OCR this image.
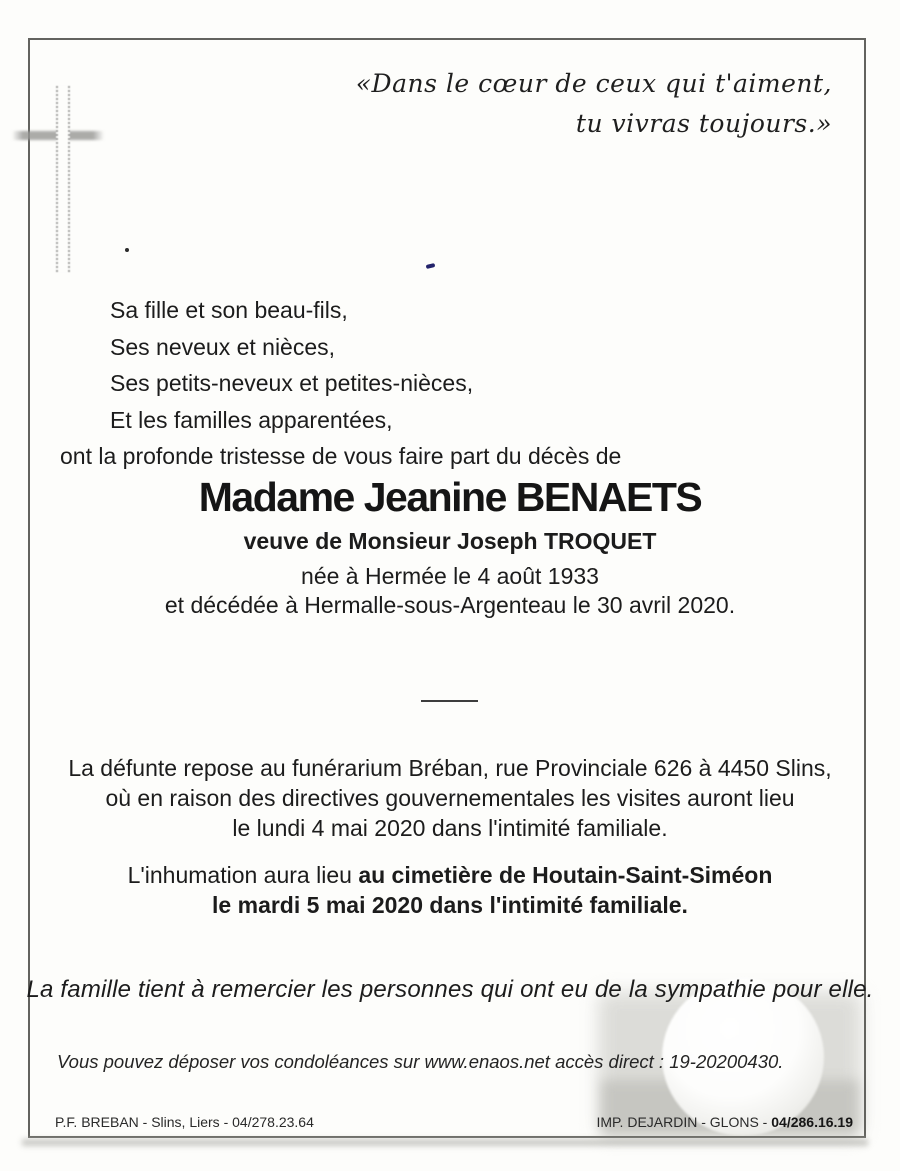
«Dans le cœur de ceux qui t'aiment,
tu vivras toujours.»
Sa fille et son beau-fils,
Ses neveux et nièces,
Ses petits-neveux et petites-nièces,
Et les familles apparentées,
ont la profonde tristesse de vous faire part du décès de
Madame Jeanine BENAETS
veuve de Monsieur Joseph TROQUET
née à Hermée le 4 août 1933
et décédée à Hermalle-sous-Argenteau le 30 avril 2020.
La défunte repose au funérarium Bréban, rue Provinciale 626 à 4450 Slins,
où en raison des directives gouvernementales les visites auront lieu
le lundi 4 mai 2020 dans l'intimité familiale.
L'inhumation aura lieu au cimetière de Houtain-Saint-Siméon
le mardi 5 mai 2020 dans l'intimité familiale.
La famille tient à remercier les personnes qui ont eu de la sympathie pour elle.
Vous pouvez déposer vos condoléances sur www.enaos.net accès direct : 19-20200430.
P.F. BREBAN - Slins, Liers - 04/278.23.64	IMP. DEJARDIN - GLONS - 04/286.16.19
